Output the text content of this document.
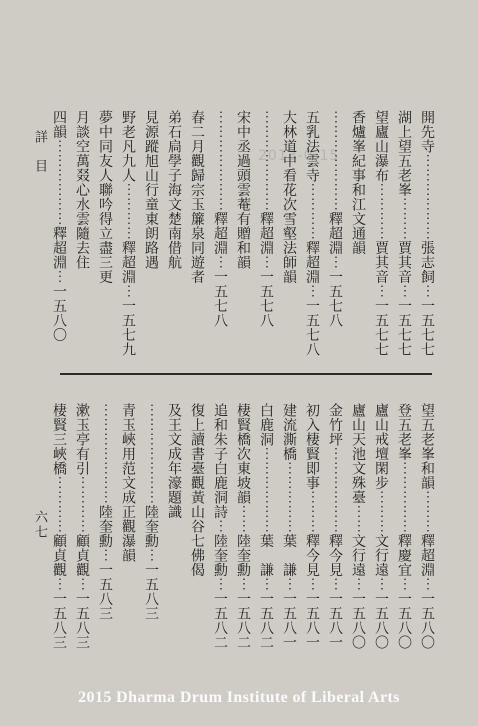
詳目	2013-0-15	開先寺⋯⋯⋯⋯⋯⋯張志飼⋯一五七七
湖上望五老峯⋯⋯⋯賈其音⋯一五七七
望廬山瀑布⋯⋯⋯⋯賈其音⋯一五七七
香爐峯紀事和江文通韻
⋯⋯⋯⋯⋯⋯⋯釋超淵⋯一五七八
五乳法雲寺⋯⋯⋯⋯釋超淵⋯一五七八
大林道中看花次雪壑法師韻
⋯⋯⋯⋯⋯⋯⋯釋超淵⋯一五七八
宋中丞過頭雲菴有贈和韻
⋯⋯⋯⋯⋯⋯⋯釋超淵⋯一五七八
春二月觀歸宗玉簾泉同遊者
弟石扃學子海文楚南借航
見源蹤旭山行童東朗路遇
野老凡九人⋯⋯⋯⋯釋超淵⋯一五七九
夢中同友人聯吟得立盡三更
月談空萬叕心水雲隨去住
四韻⋯⋯⋯⋯⋯⋯釋超淵⋯一五八〇
望五老峯和韻⋯⋯⋯釋超淵⋯一五八〇
登五老峯⋯⋯⋯⋯⋯釋慶宜⋯一五八〇
廬山戒壇閑步⋯⋯⋯文行遠⋯一五八〇
廬山天池文殊臺⋯⋯文行遠⋯一五八〇
金竹坪⋯⋯⋯⋯⋯⋯釋今見⋯一五八一
初入棲賢即事⋯⋯⋯釋今見⋯一五八一
建流澌橋⋯⋯⋯⋯⋯葉　謙⋯一五八一
白鹿洞⋯⋯⋯⋯⋯⋯葉　謙⋯一五八二
棲賢橋次東坡韻⋯⋯陸奎勳⋯一五八二
追和朱子白鹿洞詩⋯陸奎勳⋯一五八二
復上讀書臺觀黃山谷七佛偈
及王文成年濠題識
⋯⋯⋯⋯⋯⋯⋯陸奎勳⋯一五八三
青玉峽用范文成正觀瀑韻
⋯⋯⋯⋯⋯⋯⋯陸奎勳⋯一五八三
漱玉亭有引⋯⋯⋯⋯顧貞觀⋯一五八三
棲賢三峽橋⋯⋯⋯⋯顧貞觀⋯一五八三
六七
2015 Dharma Drum Institute of Liberal Arts
